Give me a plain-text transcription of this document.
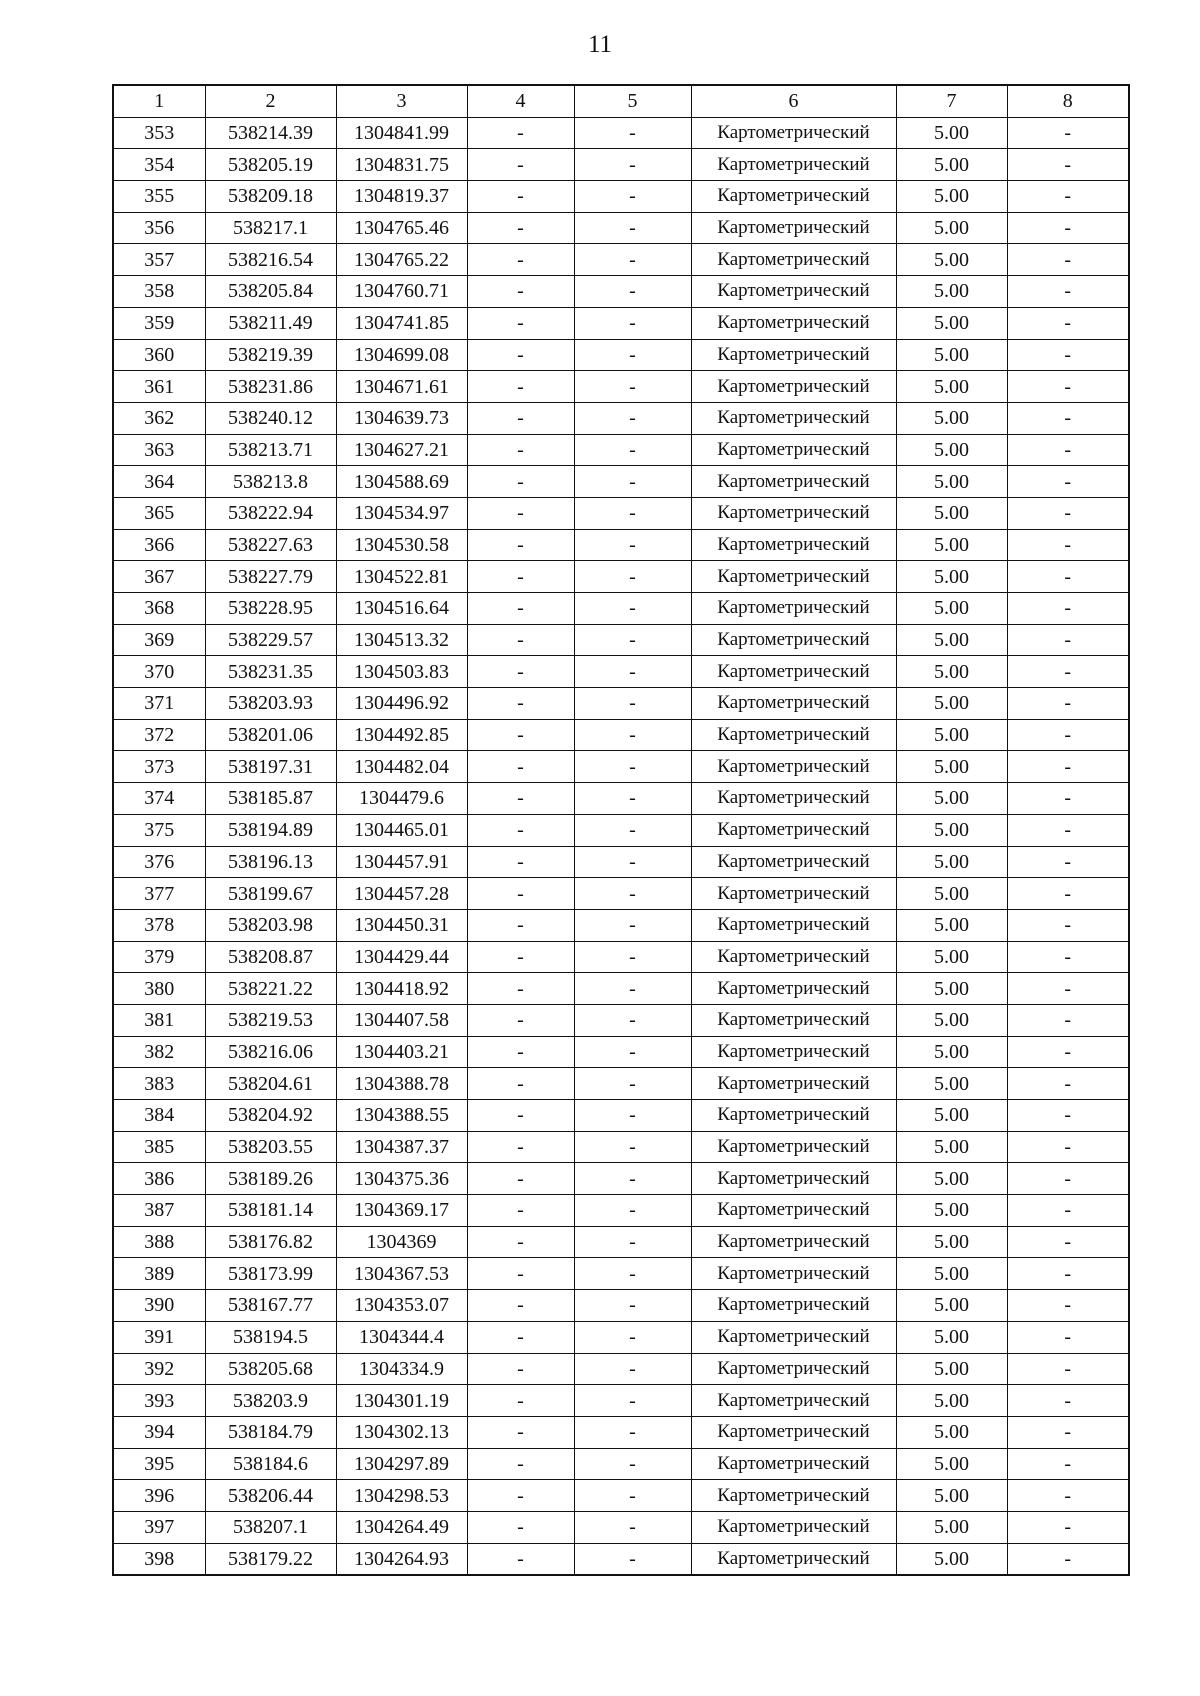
11
1	2	3	4	5	6	7	8
353	538214.39	1304841.99	-	-	Картометрический	5.00	-
354	538205.19	1304831.75	-	-	Картометрический	5.00	-
355	538209.18	1304819.37	-	-	Картометрический	5.00	-
356	538217.1	1304765.46	-	-	Картометрический	5.00	-
357	538216.54	1304765.22	-	-	Картометрический	5.00	-
358	538205.84	1304760.71	-	-	Картометрический	5.00	-
359	538211.49	1304741.85	-	-	Картометрический	5.00	-
360	538219.39	1304699.08	-	-	Картометрический	5.00	-
361	538231.86	1304671.61	-	-	Картометрический	5.00	-
362	538240.12	1304639.73	-	-	Картометрический	5.00	-
363	538213.71	1304627.21	-	-	Картометрический	5.00	-
364	538213.8	1304588.69	-	-	Картометрический	5.00	-
365	538222.94	1304534.97	-	-	Картометрический	5.00	-
366	538227.63	1304530.58	-	-	Картометрический	5.00	-
367	538227.79	1304522.81	-	-	Картометрический	5.00	-
368	538228.95	1304516.64	-	-	Картометрический	5.00	-
369	538229.57	1304513.32	-	-	Картометрический	5.00	-
370	538231.35	1304503.83	-	-	Картометрический	5.00	-
371	538203.93	1304496.92	-	-	Картометрический	5.00	-
372	538201.06	1304492.85	-	-	Картометрический	5.00	-
373	538197.31	1304482.04	-	-	Картометрический	5.00	-
374	538185.87	1304479.6	-	-	Картометрический	5.00	-
375	538194.89	1304465.01	-	-	Картометрический	5.00	-
376	538196.13	1304457.91	-	-	Картометрический	5.00	-
377	538199.67	1304457.28	-	-	Картометрический	5.00	-
378	538203.98	1304450.31	-	-	Картометрический	5.00	-
379	538208.87	1304429.44	-	-	Картометрический	5.00	-
380	538221.22	1304418.92	-	-	Картометрический	5.00	-
381	538219.53	1304407.58	-	-	Картометрический	5.00	-
382	538216.06	1304403.21	-	-	Картометрический	5.00	-
383	538204.61	1304388.78	-	-	Картометрический	5.00	-
384	538204.92	1304388.55	-	-	Картометрический	5.00	-
385	538203.55	1304387.37	-	-	Картометрический	5.00	-
386	538189.26	1304375.36	-	-	Картометрический	5.00	-
387	538181.14	1304369.17	-	-	Картометрический	5.00	-
388	538176.82	1304369	-	-	Картометрический	5.00	-
389	538173.99	1304367.53	-	-	Картометрический	5.00	-
390	538167.77	1304353.07	-	-	Картометрический	5.00	-
391	538194.5	1304344.4	-	-	Картометрический	5.00	-
392	538205.68	1304334.9	-	-	Картометрический	5.00	-
393	538203.9	1304301.19	-	-	Картометрический	5.00	-
394	538184.79	1304302.13	-	-	Картометрический	5.00	-
395	538184.6	1304297.89	-	-	Картометрический	5.00	-
396	538206.44	1304298.53	-	-	Картометрический	5.00	-
397	538207.1	1304264.49	-	-	Картометрический	5.00	-
398	538179.22	1304264.93	-	-	Картометрический	5.00	-
